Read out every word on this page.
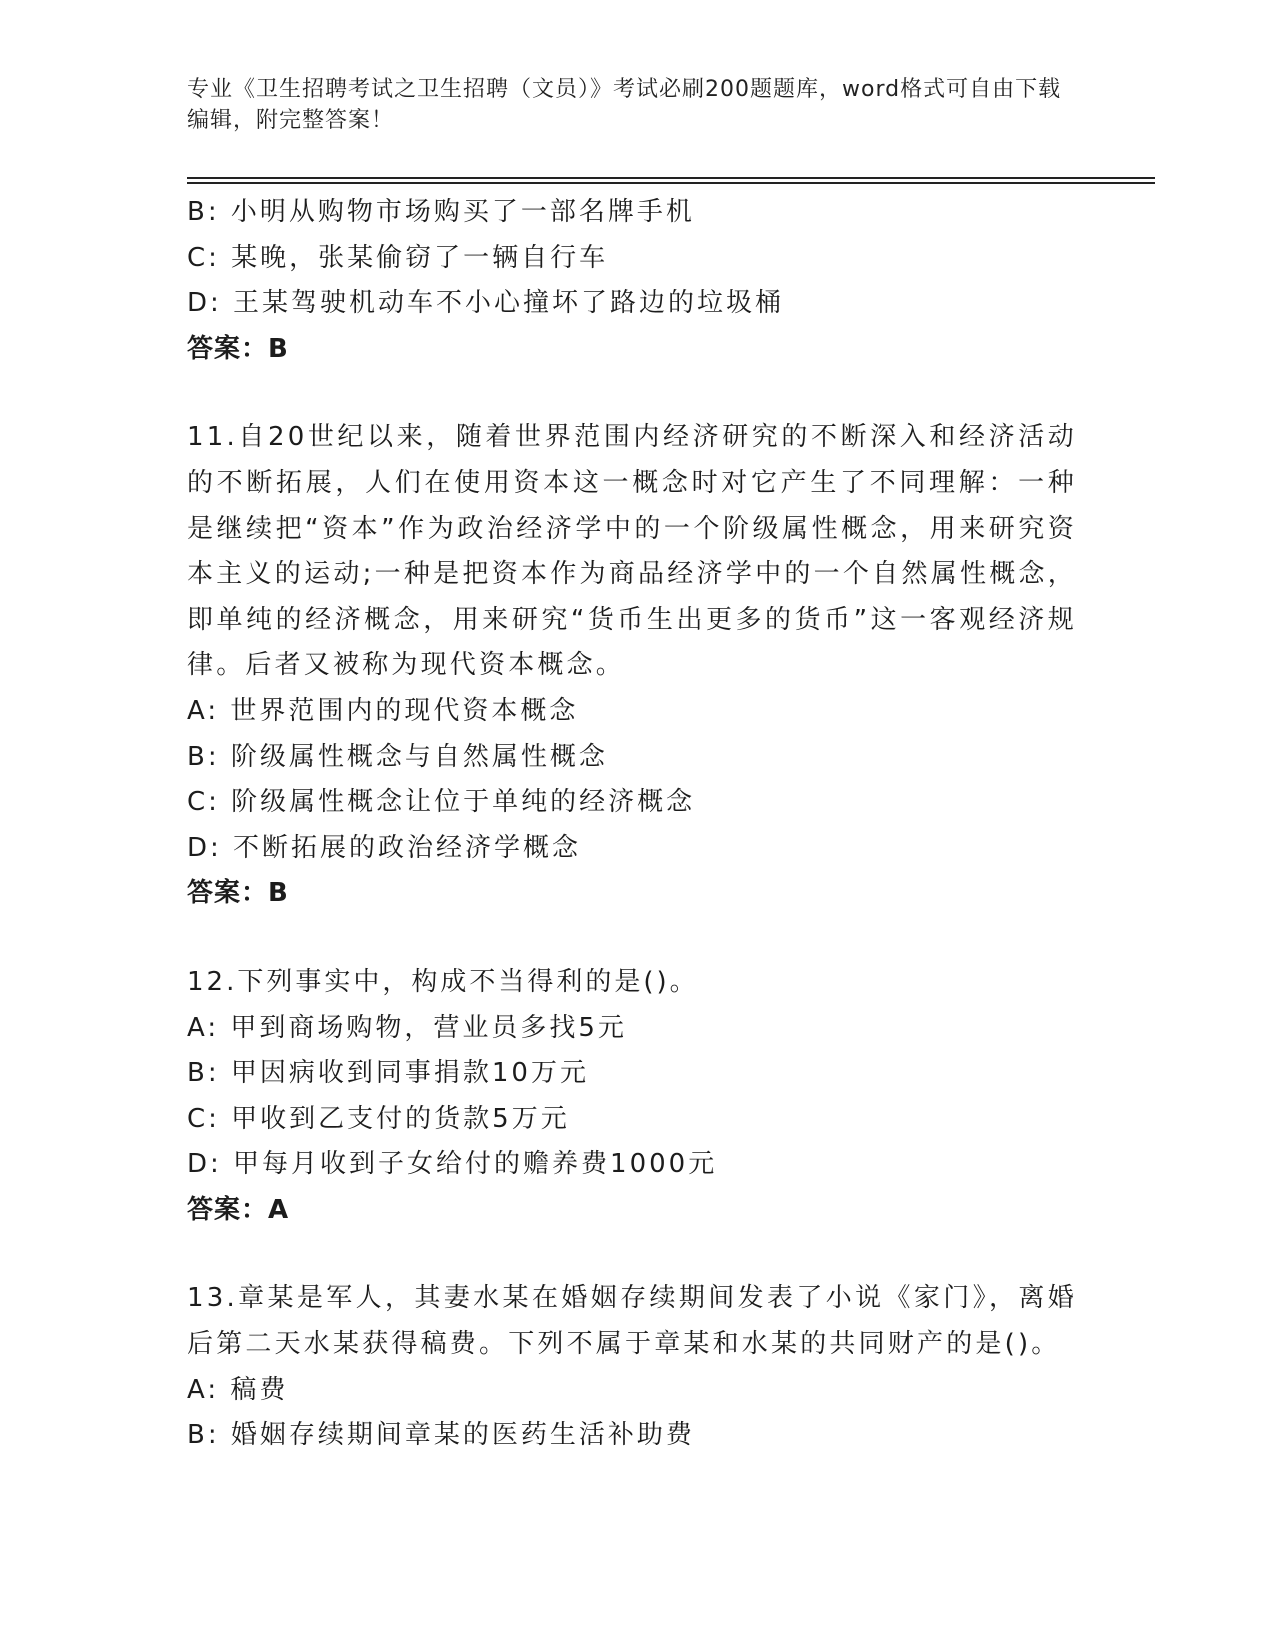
专业《卫生招聘考试之卫生招聘（文员）》考试必刷200题题库，word格式可自由下载编辑，附完整答案！
B: 小明从购物市场购买了一部名牌手机
C: 某晚，张某偷窃了一辆自行车
D: 王某驾驶机动车不小心撞坏了路边的垃圾桶
答案：B
11.自20世纪以来，随着世界范围内经济研究的不断深入和经济活动的不断拓展，人们在使用资本这一概念时对它产生了不同理解：一种是继续把“资本”作为政治经济学中的一个阶级属性概念，用来研究资本主义的运动;一种是把资本作为商品经济学中的一个自然属性概念，即单纯的经济概念，用来研究“货币生出更多的货币”这一客观经济规律。后者又被称为现代资本概念。
A: 世界范围内的现代资本概念
B: 阶级属性概念与自然属性概念
C: 阶级属性概念让位于单纯的经济概念
D: 不断拓展的政治经济学概念
答案：B
12.下列事实中，构成不当得利的是()。
A: 甲到商场购物，营业员多找5元
B: 甲因病收到同事捐款10万元
C: 甲收到乙支付的货款5万元
D: 甲每月收到子女给付的赡养费1000元
答案：A
13.章某是军人，其妻水某在婚姻存续期间发表了小说《家门》，离婚后第二天水某获得稿费。下列不属于章某和水某的共同财产的是()。
A: 稿费
B: 婚姻存续期间章某的医药生活补助费
